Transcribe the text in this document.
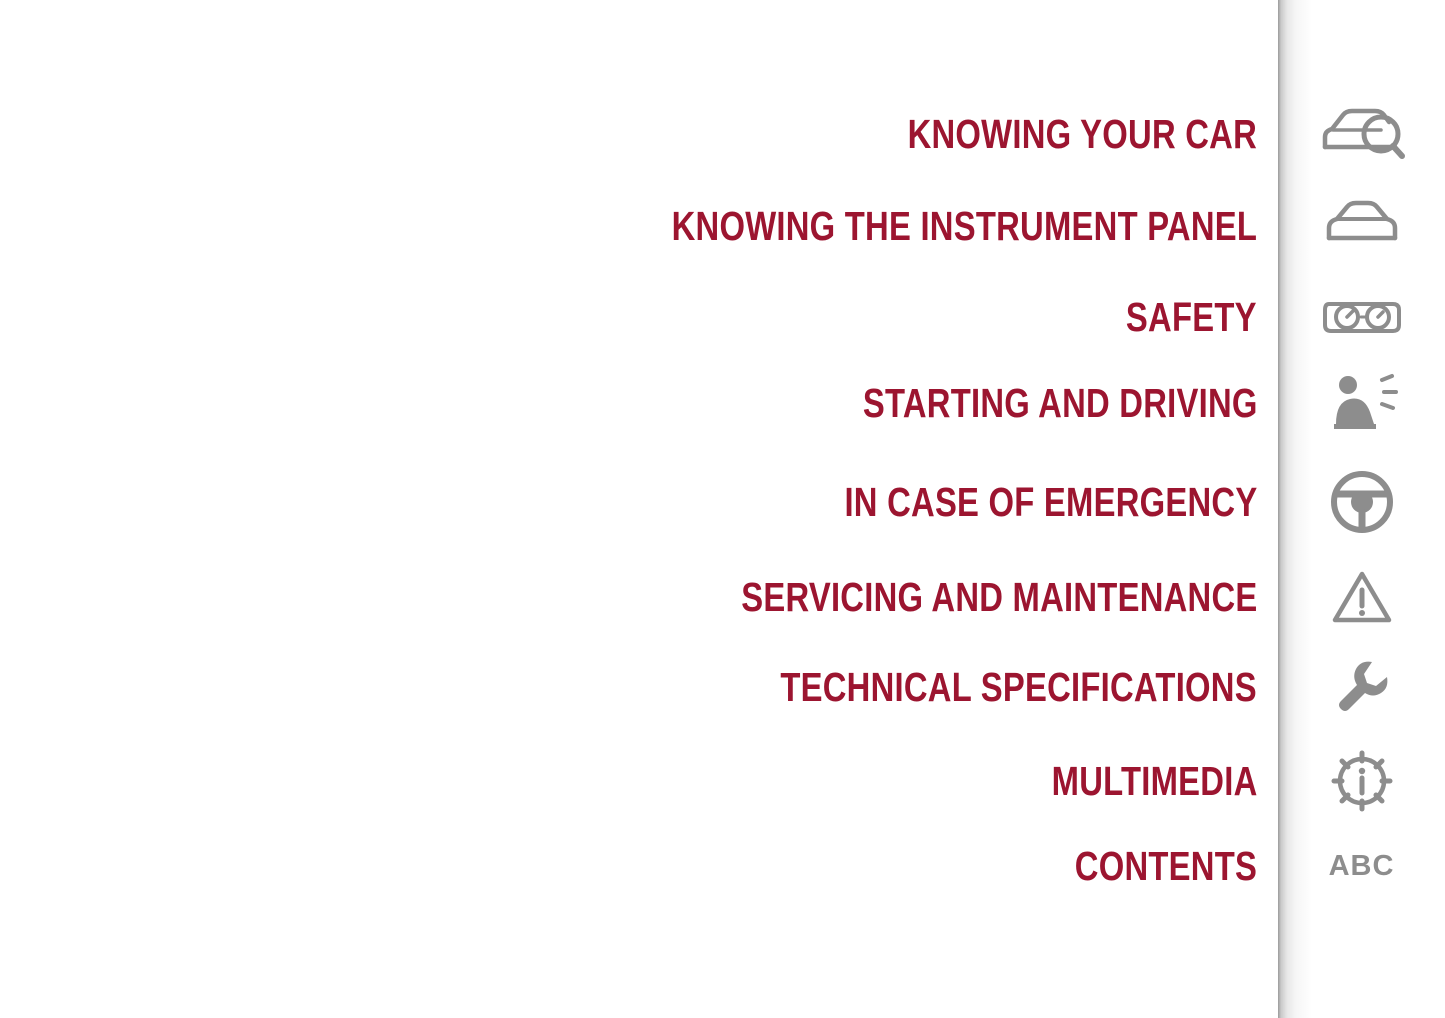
KNOWING YOUR CAR
KNOWING THE INSTRUMENT PANEL
SAFETY
STARTING AND DRIVING
IN CASE OF EMERGENCY
SERVICING AND MAINTENANCE
TECHNICAL SPECIFICATIONS
MULTIMEDIA
CONTENTS	ABC
